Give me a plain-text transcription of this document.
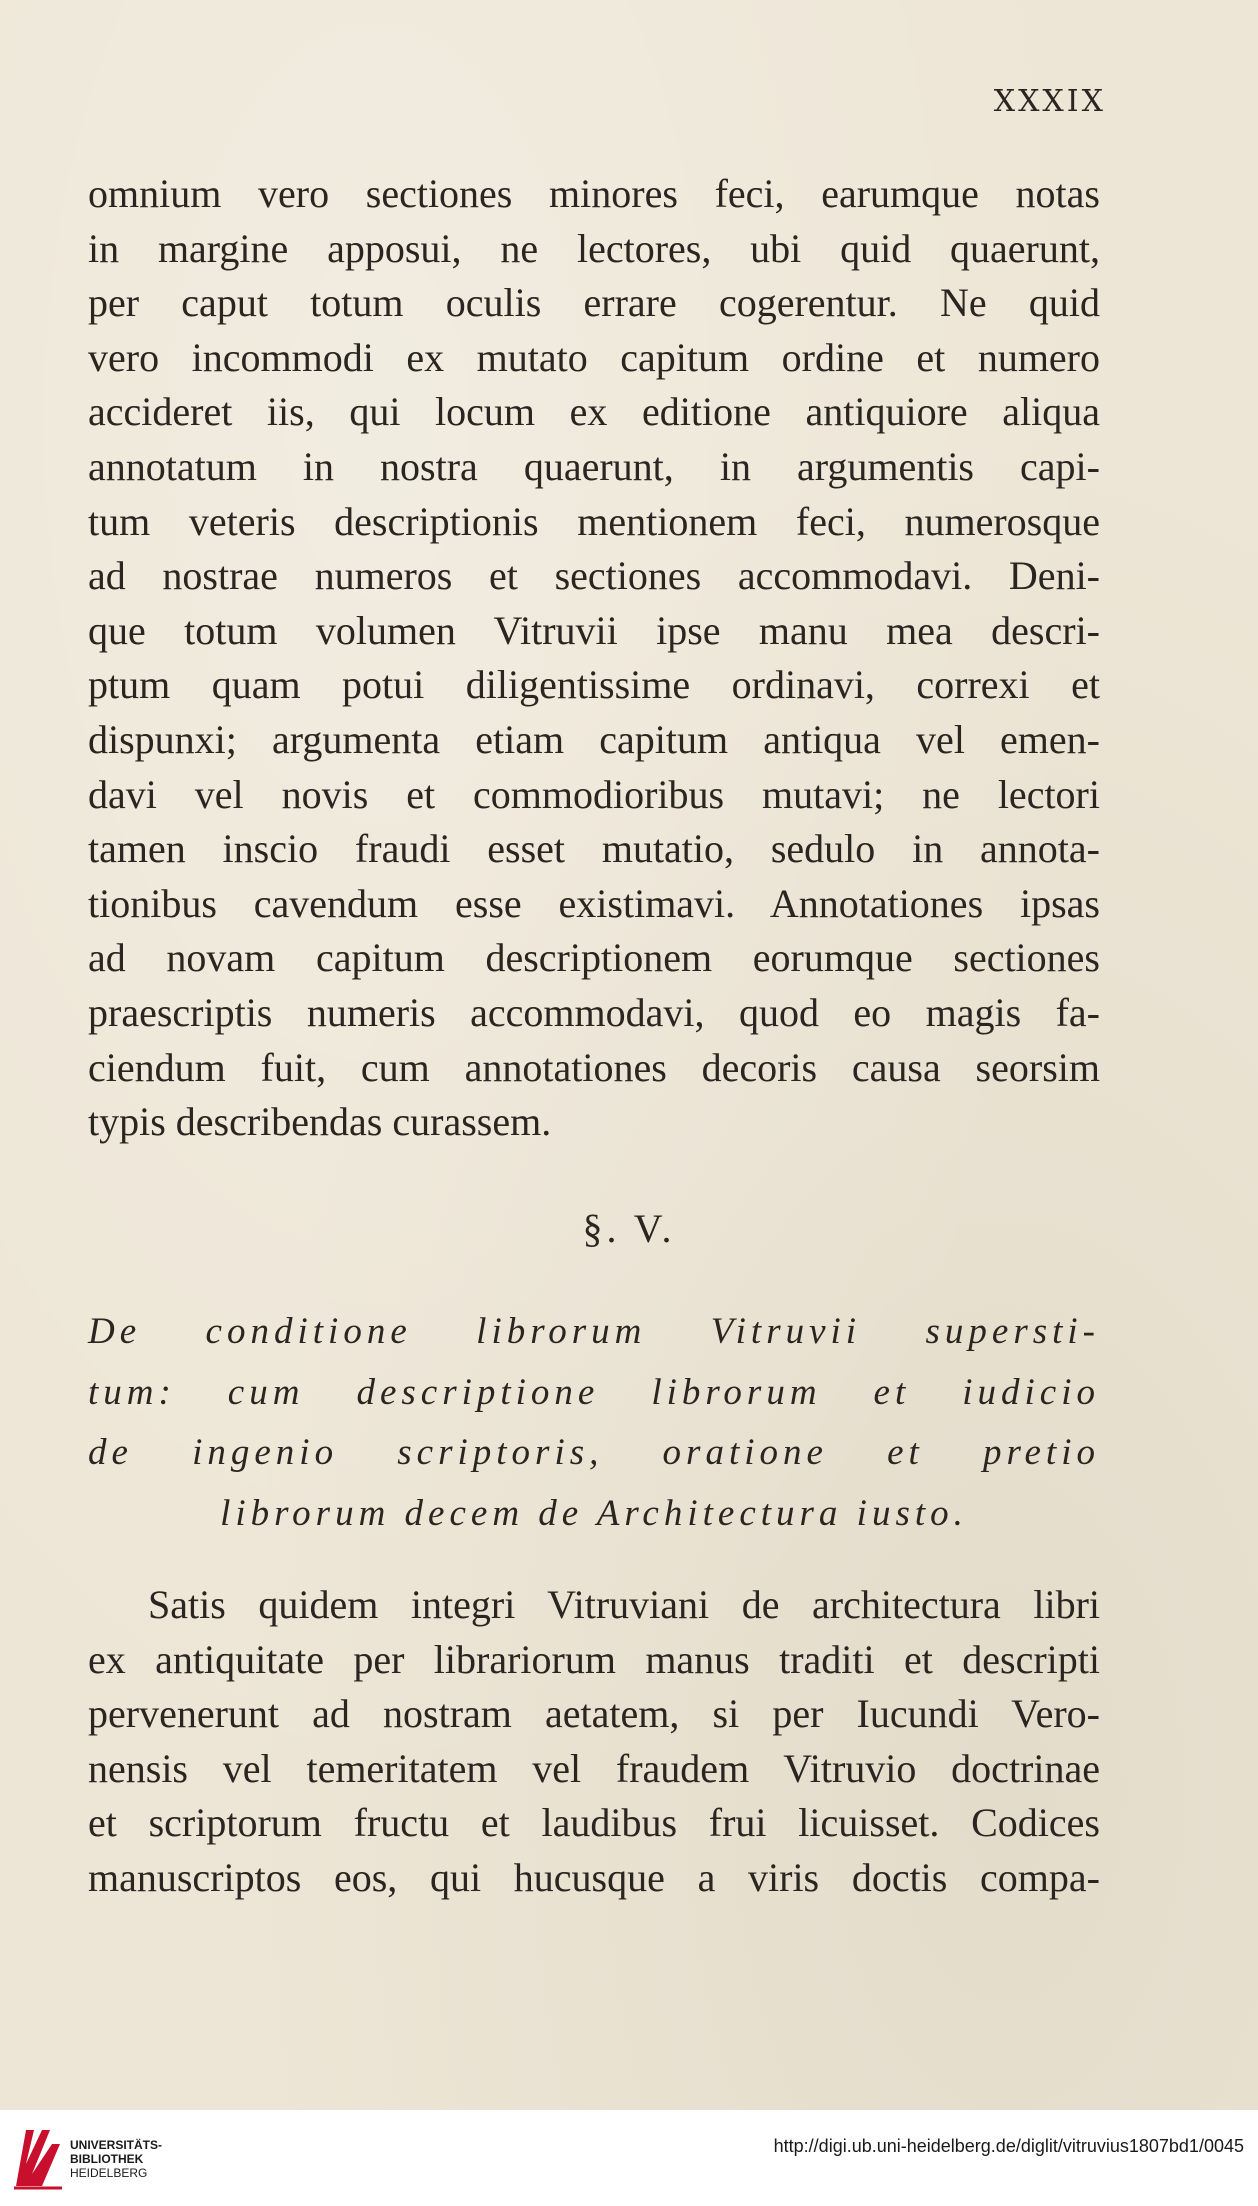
XXXIX
omnium vero sectiones minores feci, earumque notas
in margine apposui, ne lectores, ubi quid quaerunt,
per caput totum oculis errare cogerentur. Ne quid
vero incommodi ex mutato capitum ordine et numero
accideret iis, qui locum ex editione antiquiore aliqua
annotatum in nostra quaerunt, in argumentis capi-
tum veteris descriptionis mentionem feci, numerosque
ad nostrae numeros et sectiones accommodavi. Deni-
que totum volumen Vitruvii ipse manu mea descri-
ptum quam potui diligentissime ordinavi, correxi et
dispunxi; argumenta etiam capitum antiqua vel emen-
davi vel novis et commodioribus mutavi; ne lectori
tamen inscio fraudi esset mutatio, sedulo in annota-
tionibus cavendum esse existimavi. Annotationes ipsas
ad novam capitum descriptionem eorumque sectiones
praescriptis numeris accommodavi, quod eo magis fa-
ciendum fuit, cum annotationes decoris causa seorsim
typis describendas curassem.
§. V.
De conditione librorum Vitruvii supersti-
tum: cum descriptione librorum et iudicio
de ingenio scriptoris, oratione et pretio
librorum decem de Architectura iusto.
Satis quidem integri Vitruviani de architectura libri
ex antiquitate per librariorum manus traditi et descripti
pervenerunt ad nostram aetatem, si per Iucundi Vero-
nensis vel temeritatem vel fraudem Vitruvio doctrinae
et scriptorum fructu et laudibus frui licuisset. Codices
manuscriptos eos, qui hucusque a viris doctis compa-
UNIVERSITÄTS-
BIBLIOTHEK
HEIDELBERG
http://digi.ub.uni-heidelberg.de/diglit/vitruvius1807bd1/0045
